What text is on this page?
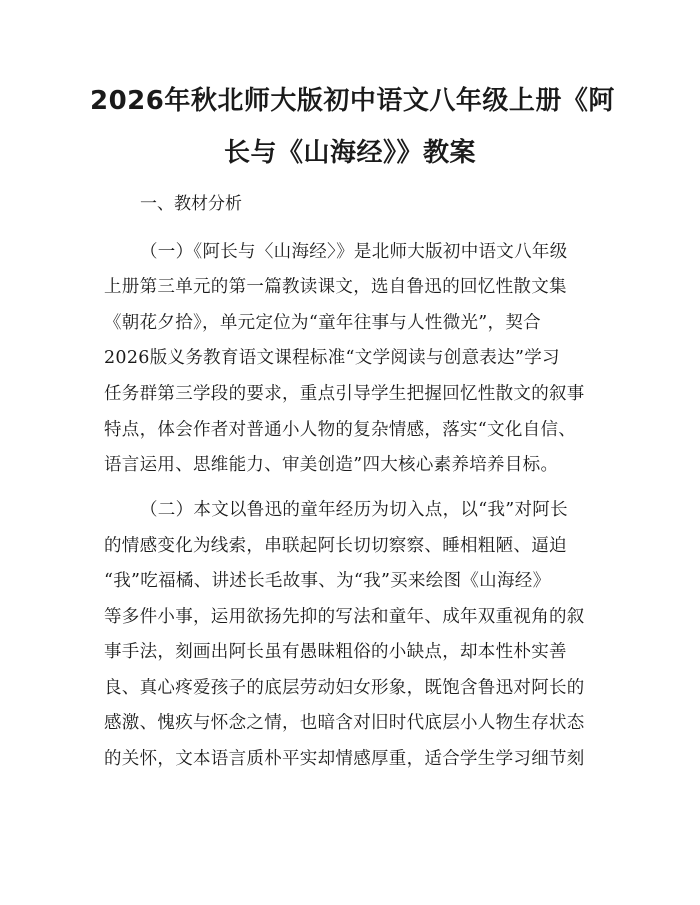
2026年秋北师大版初中语文八年级上册《阿
长与《山海经》》教案
一、教材分析
（一）《阿长与〈山海经〉》是北师大版初中语文八年级
上册第三单元的第一篇教读课文，选自鲁迅的回忆性散文集
《朝花夕拾》，单元定位为“童年往事与人性微光”，契合
2026版义务教育语文课程标准“文学阅读与创意表达”学习
任务群第三学段的要求，重点引导学生把握回忆性散文的叙事
特点，体会作者对普通小人物的复杂情感，落实“文化自信、
语言运用、思维能力、审美创造”四大核心素养培养目标。
（二）本文以鲁迅的童年经历为切入点，以“我”对阿长
的情感变化为线索，串联起阿长切切察察、睡相粗陋、逼迫
“我”吃福橘、讲述长毛故事、为“我”买来绘图《山海经》
等多件小事，运用欲扬先抑的写法和童年、成年双重视角的叙
事手法，刻画出阿长虽有愚昧粗俗的小缺点，却本性朴实善
良、真心疼爱孩子的底层劳动妇女形象，既饱含鲁迅对阿长的
感激、愧疚与怀念之情，也暗含对旧时代底层小人物生存状态
的关怀，文本语言质朴平实却情感厚重，适合学生学习细节刻
